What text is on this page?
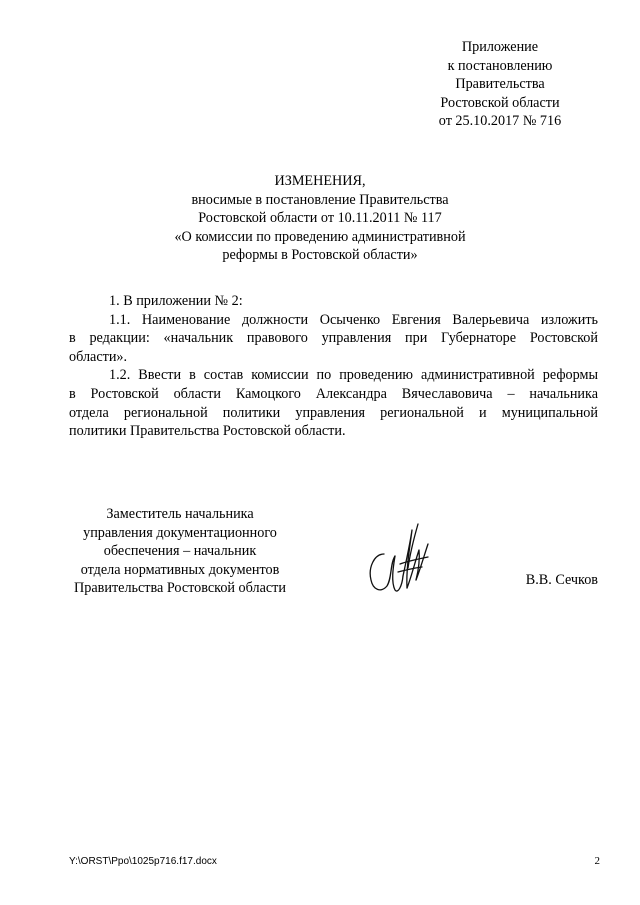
Приложение
к постановлению
Правительства
Ростовской области
от 25.10.2017 № 716
ИЗМЕНЕНИЯ,
вносимые в постановление Правительства
Ростовской области от 10.11.2011 № 117
«О комиссии по проведению административной
реформы в Ростовской области»
1. В приложении № 2:
1.1. Наименование должности Осыченко Евгения Валерьевича изложить
в редакции: «начальник правового управления при Губернаторе Ростовской
области».
1.2. Ввести в состав комиссии по проведению административной реформы
в Ростовской области Камоцкого Александра Вячеславовича – начальника
отдела региональной политики управления региональной и муниципальной
политики Правительства Ростовской области.
Заместитель начальника
управления документационного
обеспечения – начальник
отдела нормативных документов
Правительства Ростовской области
В.В. Сечков
Y:\ORST\Ppo\1025p716.f17.docx	2
